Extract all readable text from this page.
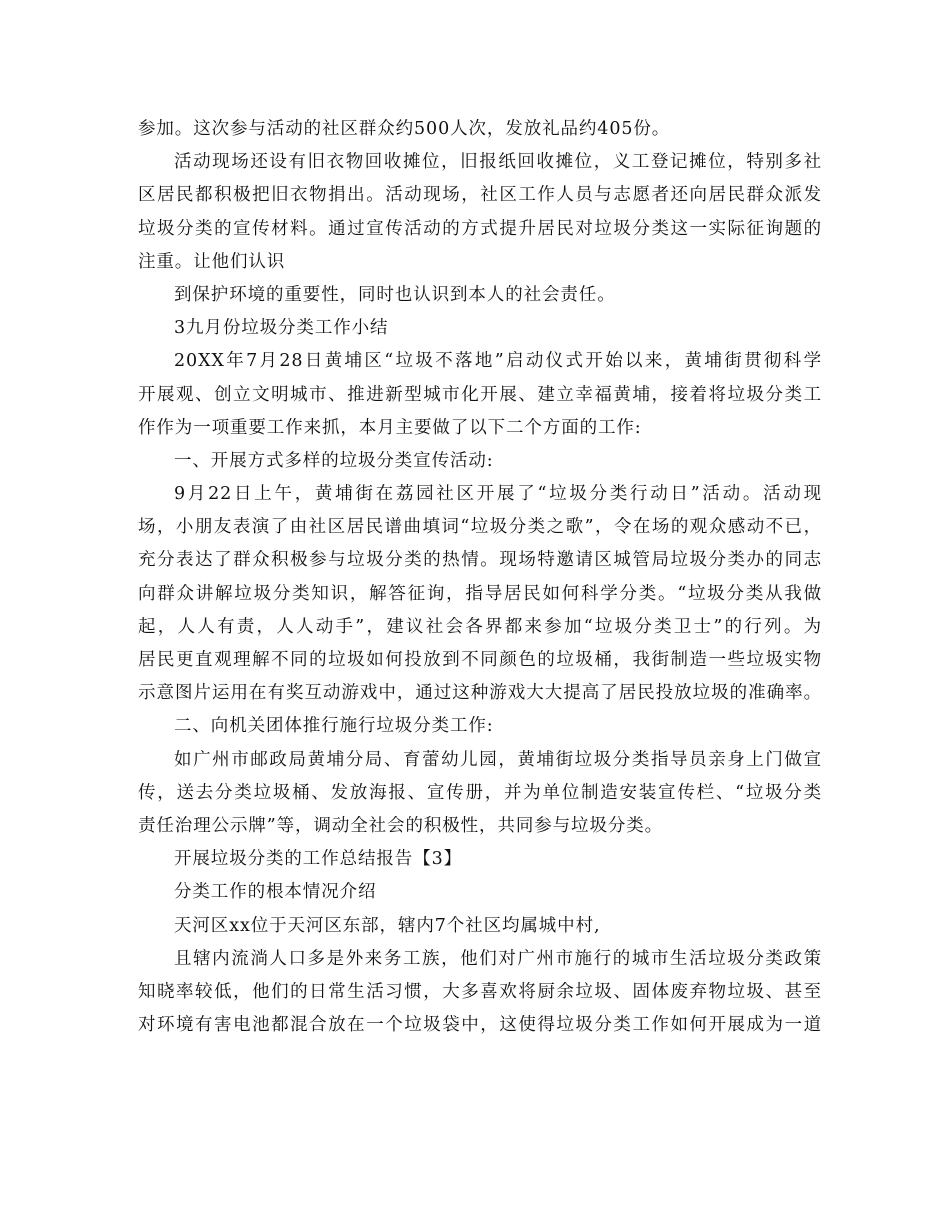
参加。这次参与活动的社区群众约500人次，发放礼品约405份。

活动现场还设有旧衣物回收摊位，旧报纸回收摊位，义工登记摊位，特别多社

区居民都积极把旧衣物捐出。活动现场，社区工作人员与志愿者还向居民群众派发

垃圾分类的宣传材料。通过宣传活动的方式提升居民对垃圾分类这一实际征询题的

注重。让他们认识

到保护环境的重要性，同时也认识到本人的社会责任。

3九月份垃圾分类工作小结

20XX年7月28日黄埔区“垃圾不落地”启动仪式开始以来，黄埔街贯彻科学

开展观、创立文明城市、推进新型城市化开展、建立幸福黄埔，接着将垃圾分类工

作作为一项重要工作来抓，本月主要做了以下二个方面的工作:

一、开展方式多样的垃圾分类宣传活动:

9月22日上午，黄埔街在荔园社区开展了“垃圾分类行动日”活动。活动现

场，小朋友表演了由社区居民谱曲填词“垃圾分类之歌”，令在场的观众感动不已，

充分表达了群众积极参与垃圾分类的热情。现场特邀请区城管局垃圾分类办的同志

向群众讲解垃圾分类知识，解答征询，指导居民如何科学分类。“垃圾分类从我做

起，人人有责，人人动手”，建议社会各界都来参加“垃圾分类卫士”的行列。为

居民更直观理解不同的垃圾如何投放到不同颜色的垃圾桶，我街制造一些垃圾实物

示意图片运用在有奖互动游戏中，通过这种游戏大大提高了居民投放垃圾的准确率。

二、向机关团体推行施行垃圾分类工作:

如广州市邮政局黄埔分局、育蕾幼儿园，黄埔街垃圾分类指导员亲身上门做宣

传，送去分类垃圾桶、发放海报、宣传册，并为单位制造安装宣传栏、“垃圾分类

责任治理公示牌”等，调动全社会的积极性，共同参与垃圾分类。

开展垃圾分类的工作总结报告【3】

分类工作的根本情况介绍

天河区xx位于天河区东部，辖内7个社区均属城中村,

且辖内流淌人口多是外来务工族，他们对广州市施行的城市生活垃圾分类政策

知晓率较低，他们的日常生活习惯，大多喜欢将厨余垃圾、固体废弃物垃圾、甚至

对环境有害电池都混合放在一个垃圾袋中，这使得垃圾分类工作如何开展成为一道
